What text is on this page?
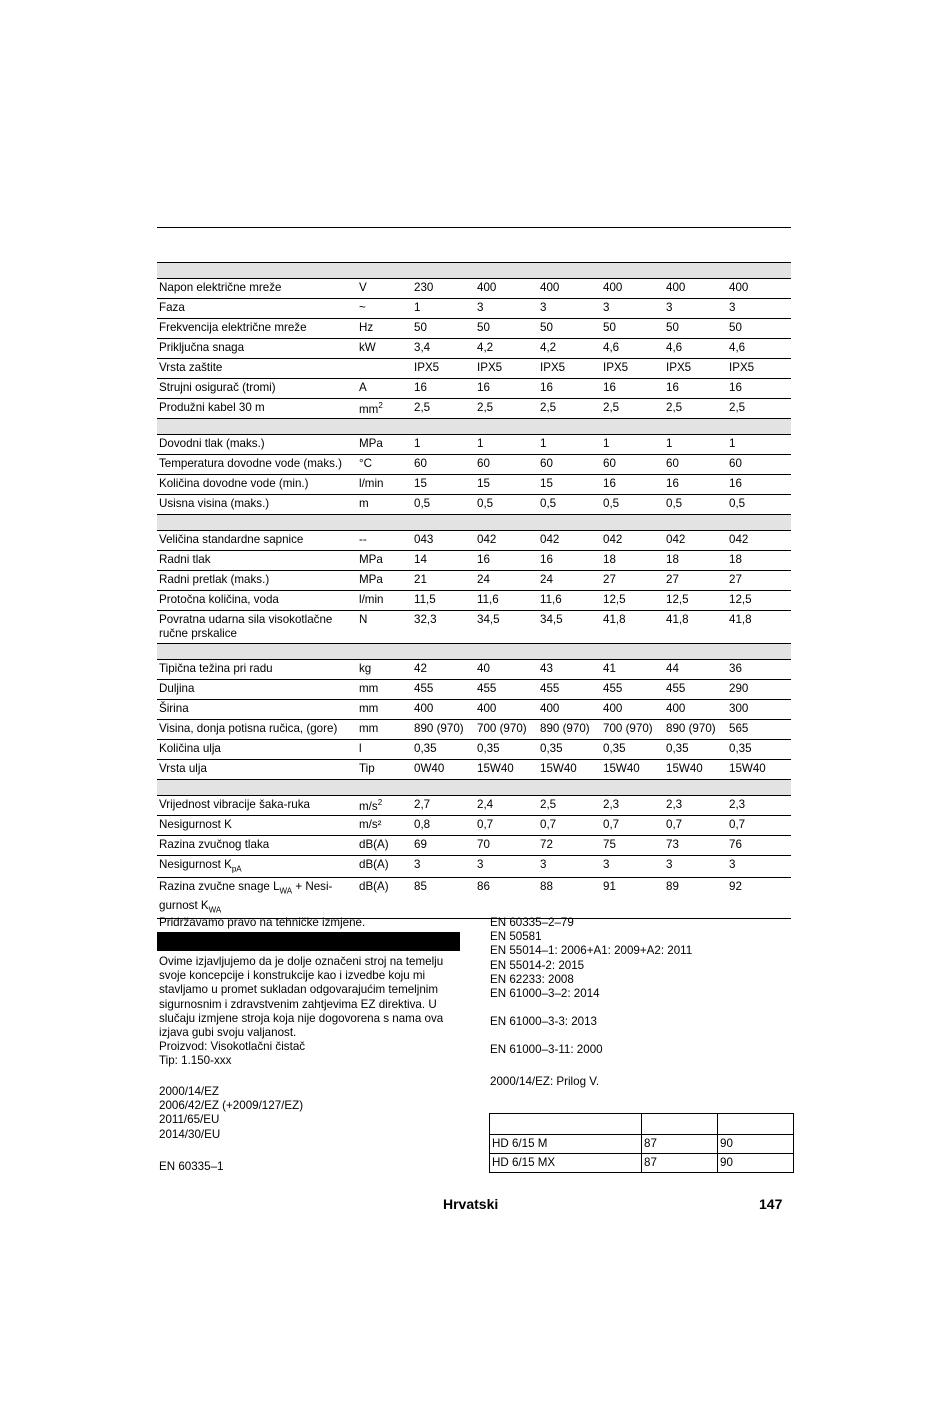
Napon električne mreže	V	230	400	400	400	400	400
Faza	~	1	3	3	3	3	3
Frekvencija električne mreže	Hz	50	50	50	50	50	50
Priključna snaga	kW	3,4	4,2	4,2	4,6	4,6	4,6
Vrsta zaštite		IPX5	IPX5	IPX5	IPX5	IPX5	IPX5
Strujni osigurač (tromi)	A	16	16	16	16	16	16
Produžni kabel 30 m	$mm^2$	2,5	2,5	2,5	2,5	2,5	2,5

Dovodni tlak (maks.)	MPa	1	1	1	1	1	1
Temperatura dovodne vode (maks.)	°C	60	60	60	60	60	60
Količina dovodne vode (min.)	l/min	15	15	15	16	16	16
Usisna visina (maks.)	m	0,5	0,5	0,5	0,5	0,5	0,5

Veličina standardne sapnice	--	043	042	042	042	042	042
Radni tlak	MPa	14	16	16	18	18	18
Radni pretlak (maks.)	MPa	21	24	24	27	27	27
Protočna količina, voda	l/min	11,5	11,6	11,6	12,5	12,5	12,5
Povratna udarna sila visokotlačne ručne prskalice	N	32,3	34,5	34,5	41,8	41,8	41,8

Tipična težina pri radu	kg	42	40	43	41	44	36
Duljina	mm	455	455	455	455	455	290
Širina	mm	400	400	400	400	400	300
Visina, donja potisna ručica, (gore)	mm	890 (970)	700 (970)	890 (970)	700 (970)	890 (970)	565
Količina ulja	l	0,35	0,35	0,35	0,35	0,35	0,35
Vrsta ulja	Tip	0W40	15W40	15W40	15W40	15W40	15W40

Vrijednost vibracije šaka-ruka	$m/s^2$	2,7	2,4	2,5	2,3	2,3	2,3
Nesigurnost K	m/s²	0,8	0,7	0,7	0,7	0,7	0,7
Razina zvučnog tlaka	dB(A)	69	70	72	75	73	76
Nesigurnost $K_{pA}$	dB(A)	3	3	3	3	3	3
Razina zvučne snage $L_{WA}$ + Nesi-gurnost $K_{WA}$	dB(A)	85	86	88	91	89	92
Pridržavamo pravo na tehničke izmjene.
Ovime izjavljujemo da je dolje označeni stroj na temelju svoje koncepcije i konstrukcije kao i izvedbe koju mi stavljamo u promet sukladan odgovarajućim temeljnim sigurnosnim i zdravstvenim zahtjevima EZ direktiva. U slučaju izmjene stroja koja nije dogovorena s nama ova izjava gubi svoju valjanost.
Proizvod: Visokotlačni čistač
Tip: 1.150-xxx
2000/14/EZ
2006/42/EZ (+2009/127/EZ)
2011/65/EU
2014/30/EU
EN 60335–1
EN 60335–2–79
EN 50581
EN 55014–1: 2006+A1: 2009+A2: 2011
EN 55014-2: 2015
EN 62233: 2008
EN 61000–3–2: 2014
EN 61000–3-3: 2013
EN 61000–3-11: 2000
2000/14/EZ: Prilog V.

HD 6/15 M	87	90
HD 6/15 MX	87	90
Hrvatski	147
